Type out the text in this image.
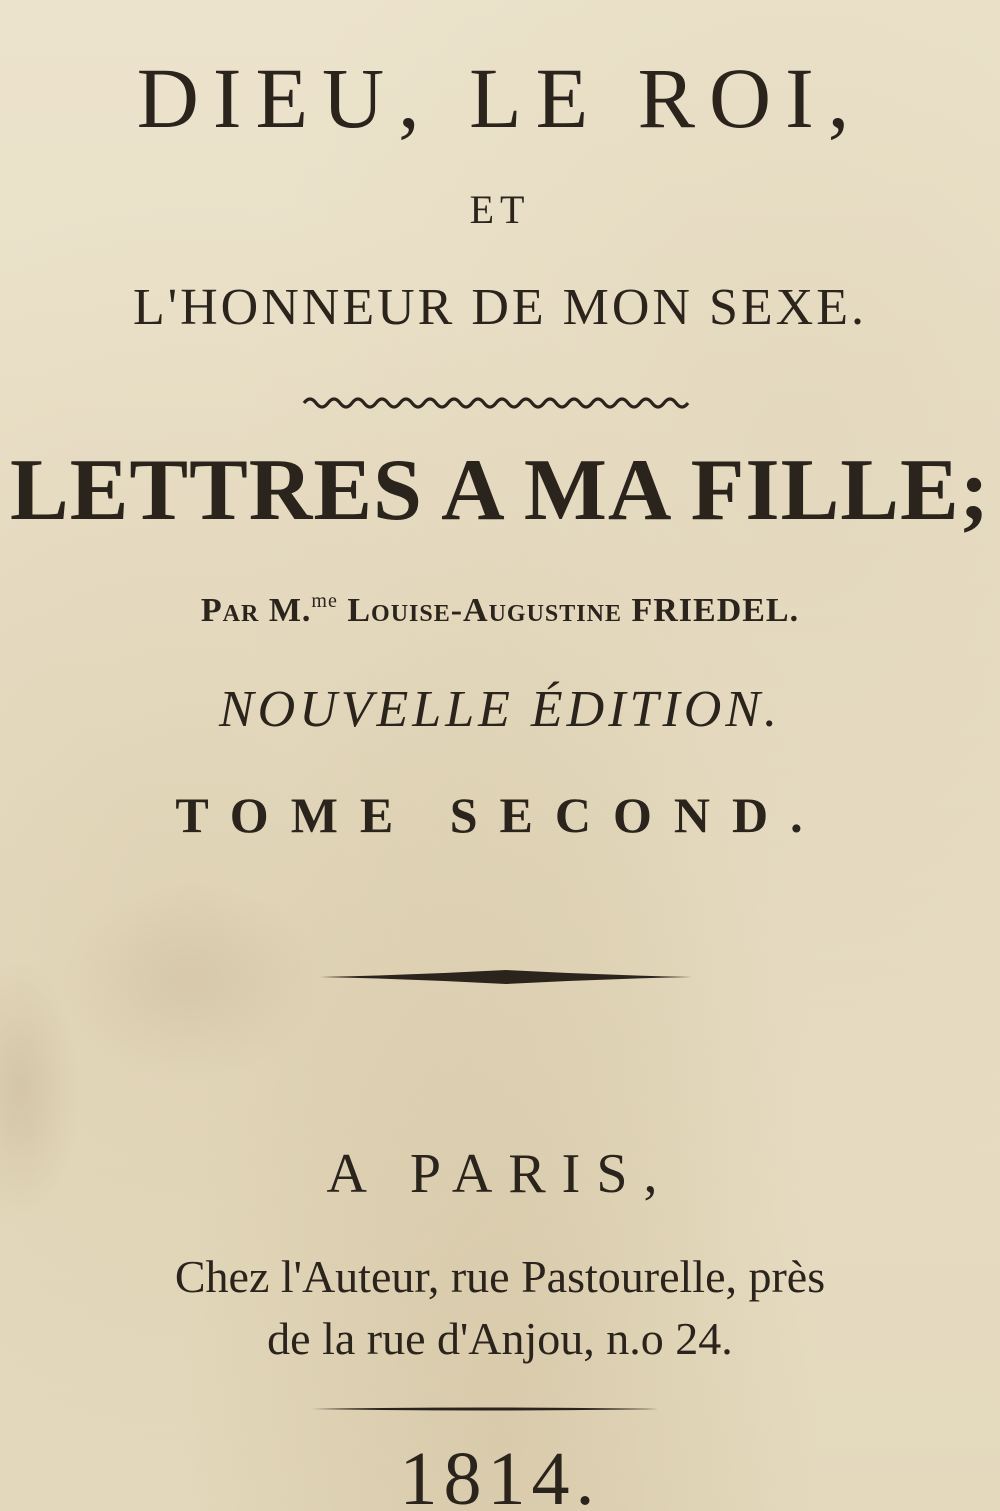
DIEU, LE ROI,
ET
L'HONNEUR DE MON SEXE.
LETTRES A MA FILLE;
Par M.$^{me}$ Louise-Augustine FRIEDEL.
NOUVELLE ÉDITION.
TOME SECOND.
A PARIS,
Chez l'Auteur, rue Pastourelle, près
de la rue d'Anjou, n.o 24.
1814.
